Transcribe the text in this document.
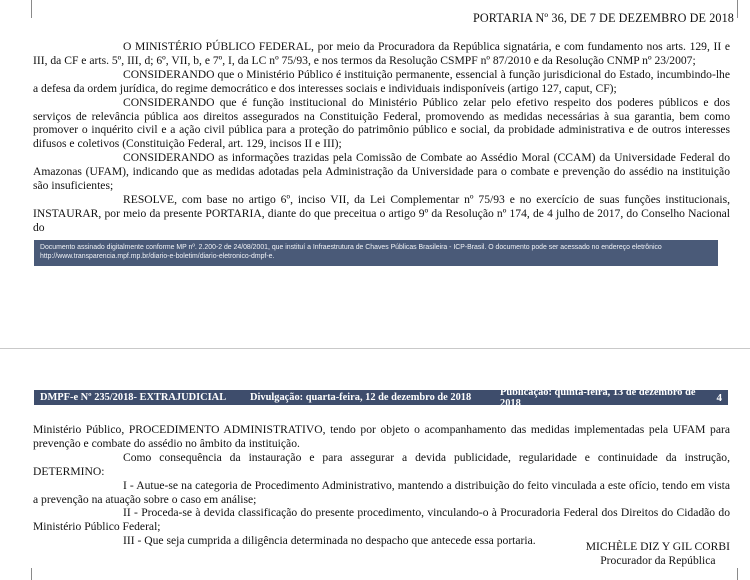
PORTARIA Nº 36, DE 7 DE DEZEMBRO DE 2018

O MINISTÉRIO PÚBLICO FEDERAL, por meio da Procuradora da República signatária, e com fundamento nos arts. 129, II e III, da CF e arts. 5º, III, d; 6º, VII, b, e 7º, I, da LC nº 75/93, e nos termos da Resolução CSMPF nº 87/2010 e da Resolução CNMP nº 23/2007;

CONSIDERANDO que o Ministério Público é instituição permanente, essencial à função jurisdicional do Estado, incumbindo-lhe a defesa da ordem jurídica, do regime democrático e dos interesses sociais e individuais indisponíveis (artigo 127, caput, CF);

CONSIDERANDO que é função institucional do Ministério Público zelar pelo efetivo respeito dos poderes públicos e dos serviços de relevância pública aos direitos assegurados na Constituição Federal, promovendo as medidas necessárias à sua garantia, bem como promover o inquérito civil e a ação civil pública para a proteção do patrimônio público e social, da probidade administrativa e de outros interesses difusos e coletivos (Constituição Federal, art. 129, incisos II e III);

CONSIDERANDO as informações trazidas pela Comissão de Combate ao Assédio Moral (CCAM) da Universidade Federal do Amazonas (UFAM), indicando que as medidas adotadas pela Administração da Universidade para o combate e prevenção do assédio na instituição são insuficientes;

RESOLVE, com base no artigo 6º, inciso VII, da Lei Complementar nº 75/93 e no exercício de suas funções institucionais, INSTAURAR, por meio da presente PORTARIA, diante do que preceitua o artigo 9º da Resolução nº 174, de 4 julho de 2017, do Conselho Nacional do

Documento assinado digitalmente conforme MP nº. 2.200-2 de 24/08/2001, que instituí a Infraestrutura de Chaves Públicas Brasileira - ICP-Brasil. O documento pode ser acessado no endereço eletrônico http://www.transparencia.mpf.mp.br/diario-e-boletim/diario-eletronico-dmpf-e.
DMPF-e Nº 235/2018- EXTRAJUDICIAL	Divulgação: quarta-feira, 12 de dezembro de 2018	Publicação: quinta-feira, 13 de dezembro de 2018	4

Ministério Público, PROCEDIMENTO ADMINISTRATIVO, tendo por objeto o acompanhamento das medidas implementadas pela UFAM para prevenção e combate do assédio no âmbito da instituição.

Como consequência da instauração e para assegurar a devida publicidade, regularidade e continuidade da instrução, DETERMINO:

I - Autue-se na categoria de Procedimento Administrativo, mantendo a distribuição do feito vinculada a este ofício, tendo em vista a prevenção na atuação sobre o caso em análise;

II - Proceda-se à devida classificação do presente procedimento, vinculando-o à Procuradoria Federal dos Direitos do Cidadão do Ministério Público Federal;

III - Que seja cumprida a diligência determinada no despacho que antecede essa portaria.	MICHÈLE DIZ Y GIL CORBI
Procurador da República
